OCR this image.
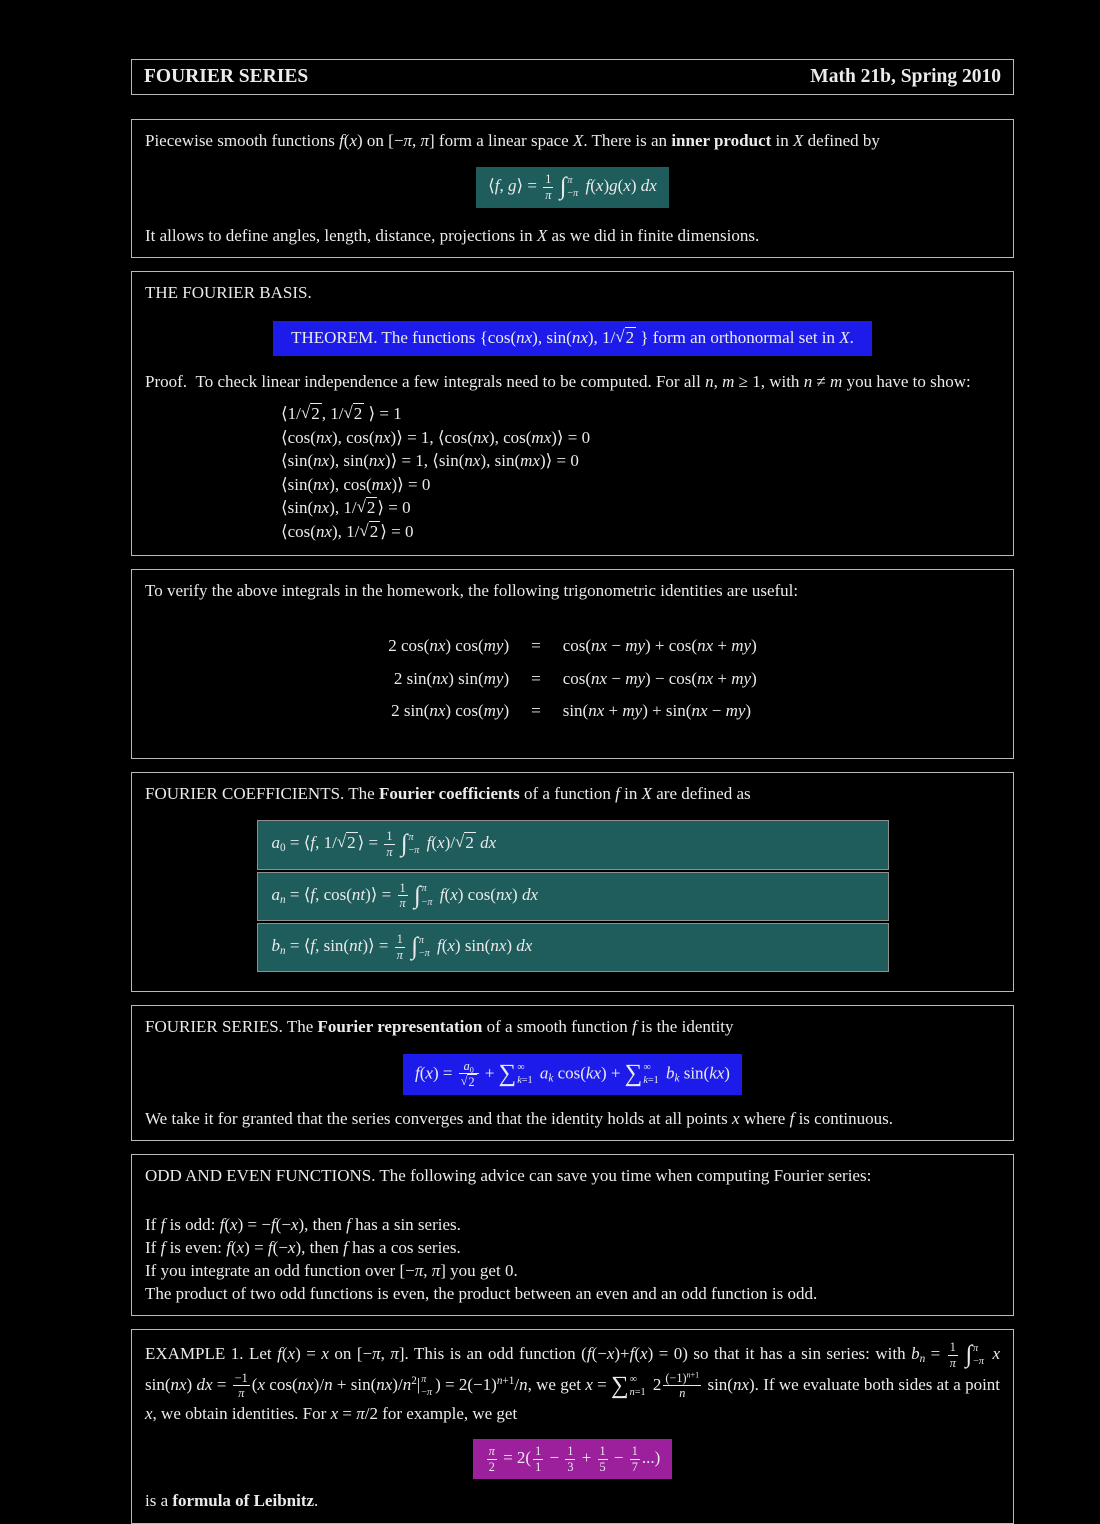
FOURIER SERIES	Math 21b, Spring 2010

Piecewise smooth functions f(x) on [−π, π] form a linear space X. There is an inner product in X defined by

⟨f, g⟩ = $\frac{1}{\pi}$ ∫ π
−π f(x)g(x) dx

It allows to define angles, length, distance, projections in X as we did in finite dimensions.

THE FOURIER BASIS.

THEOREM. The functions {cos(nx), sin(nx), 1/√2 } form an orthonormal set in X.

Proof. To check linear independence a few integrals need to be computed. For all n, m ≥ 1, with n ≠ m you have to show:

⟨1/√2 , 1/√2 ⟩ = 1
⟨cos(nx), cos(nx)⟩ = 1, ⟨cos(nx), cos(mx)⟩ = 0
⟨sin(nx), sin(nx)⟩ = 1, ⟨sin(nx), sin(mx)⟩ = 0
⟨sin(nx), cos(mx)⟩ = 0
⟨sin(nx), 1/√2 ⟩ = 0
⟨cos(nx), 1/√2 ⟩ = 0

To verify the above integrals in the homework, the following trigonometric identities are useful:

2 cos(nx) cos(my)	=	cos(nx − my) + cos(nx + my)
2 sin(nx) sin(my)	=	cos(nx − my) − cos(nx + my)
2 sin(nx) cos(my)	=	sin(nx + my) + sin(nx − my)

FOURIER COEFFICIENTS. The Fourier coefficients of a function f in X are defined as

$a_0$ = ⟨f, 1/√2 ⟩ = $\frac{1}{\pi}$ ∫ π
−π f(x)/√2 dx
$a_n$ = ⟨f, cos(nt)⟩ = $\frac{1}{\pi}$ ∫ π
−π f(x) cos(nx) dx
$b_n$ = ⟨f, sin(nt)⟩ = $\frac{1}{\pi}$ ∫ π
−π f(x) sin(nx) dx

FOURIER SERIES. The Fourier representation of a smooth function f is the identity

$f(x) = \frac{a_0}{√2}$ + ∑ ∞
k=1 $a_k$ cos(kx) + ∑ ∞
k=1 $b_k$ sin(kx)

We take it for granted that the series converges and that the identity holds at all points x where f is continuous.

ODD AND EVEN FUNCTIONS. The following advice can save you time when computing Fourier series:

If f is odd: f(x) = −f(−x), then f has a sin series.
If f is even: f(x) = f(−x), then f has a cos series.
If you integrate an odd function over [−π, π] you get 0.
The product of two odd functions is even, the product between an even and an odd function is odd.

EXAMPLE 1. Let f(x) = x on [−π, π]. This is an odd function (f(−x)+f(x) = 0) so that it has a sin series: with $b_n = \frac{1}{\pi}$ ∫ π
−π x sin(nx) dx = $\frac{-1}{\pi} (x$ $\cos(nx)/n + \sin(nx)/n^2|$ π
−π ) = $2(-1)^{n+1}/n$, we get x = ∑ ∞
n=1 $2 \frac{(-1)^{n+1}}{n} \sin(nx)$. If we evaluate both sides at a point x, we obtain identities. For x = π/2 for example, we get

$\frac{\pi}{2} = 2( \frac{1}{1} - \frac{1}{3} + \frac{1}{5} - \frac{1}{7}$ ...)

is a formula of Leibnitz.
